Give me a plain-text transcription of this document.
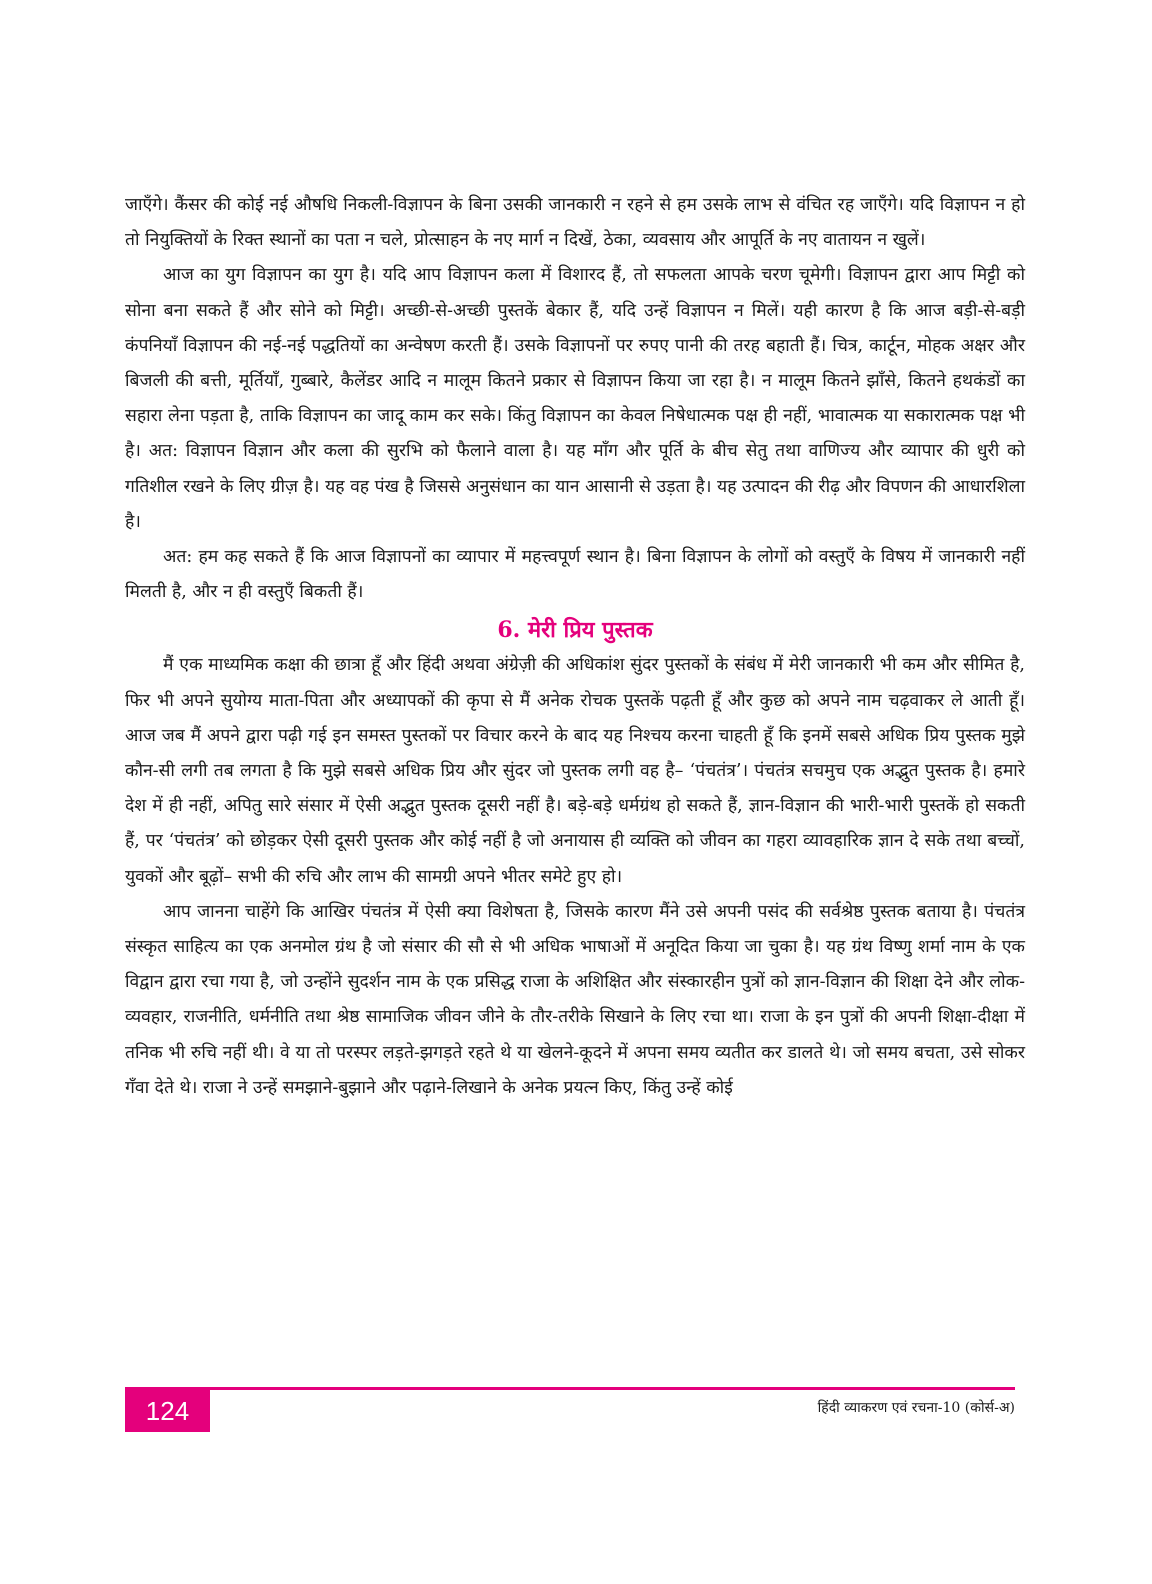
जाएँगे। कैंसर की कोई नई औषधि निकली-विज्ञापन के बिना उसकी जानकारी न रहने से हम उसके लाभ से वंचित रह जाएँगे। यदि विज्ञापन न हो तो नियुक्तियों के रिक्त स्थानों का पता न चले, प्रोत्साहन के नए मार्ग न दिखें, ठेका, व्यवसाय और आपूर्ति के नए वातायन न खुलें।

आज का युग विज्ञापन का युग है। यदि आप विज्ञापन कला में विशारद हैं, तो सफलता आपके चरण चूमेगी। विज्ञापन द्वारा आप मिट्टी को सोना बना सकते हैं और सोने को मिट्टी। अच्छी-से-अच्छी पुस्तकें बेकार हैं, यदि उन्हें विज्ञापन न मिलें। यही कारण है कि आज बड़ी-से-बड़ी कंपनियाँ विज्ञापन की नई-नई पद्धतियों का अन्वेषण करती हैं। उसके विज्ञापनों पर रुपए पानी की तरह बहाती हैं। चित्र, कार्टून, मोहक अक्षर और बिजली की बत्ती, मूर्तियाँ, गुब्बारे, कैलेंडर आदि न मालूम कितने प्रकार से विज्ञापन किया जा रहा है। न मालूम कितने झाँसे, कितने हथकंडों का सहारा लेना पड़ता है, ताकि विज्ञापन का जादू काम कर सके। किंतु विज्ञापन का केवल निषेधात्मक पक्ष ही नहीं, भावात्मक या सकारात्मक पक्ष भी है। अत: विज्ञापन विज्ञान और कला की सुरभि को फैलाने वाला है। यह माँग और पूर्ति के बीच सेतु तथा वाणिज्य और व्यापार की धुरी को गतिशील रखने के लिए ग्रीज़ है। यह वह पंख है जिससे अनुसंधान का यान आसानी से उड़ता है। यह उत्पादन की रीढ़ और विपणन की आधारशिला है।

अत: हम कह सकते हैं कि आज विज्ञापनों का व्यापार में महत्त्वपूर्ण स्थान है। बिना विज्ञापन के लोगों को वस्तुएँ के विषय में जानकारी नहीं मिलती है, और न ही वस्तुएँ बिकती हैं।

6. मेरी प्रिय पुस्तक

मैं एक माध्यमिक कक्षा की छात्रा हूँ और हिंदी अथवा अंग्रेज़ी की अधिकांश सुंदर पुस्तकों के संबंध में मेरी जानकारी भी कम और सीमित है, फिर भी अपने सुयोग्य माता-पिता और अध्यापकों की कृपा से मैं अनेक रोचक पुस्तकें पढ़ती हूँ और कुछ को अपने नाम चढ़वाकर ले आती हूँ। आज जब मैं अपने द्वारा पढ़ी गई इन समस्त पुस्तकों पर विचार करने के बाद यह निश्चय करना चाहती हूँ कि इनमें सबसे अधिक प्रिय पुस्तक मुझे कौन-सी लगी तब लगता है कि मुझे सबसे अधिक प्रिय और सुंदर जो पुस्तक लगी वह है– ‘पंचतंत्र’। पंचतंत्र सचमुच एक अद्भुत पुस्तक है। हमारे देश में ही नहीं, अपितु सारे संसार में ऐसी अद्भुत पुस्तक दूसरी नहीं है। बड़े-बड़े धर्मग्रंथ हो सकते हैं, ज्ञान-विज्ञान की भारी-भारी पुस्तकें हो सकती हैं, पर ‘पंचतंत्र’ को छोड़कर ऐसी दूसरी पुस्तक और कोई नहीं है जो अनायास ही व्यक्ति को जीवन का गहरा व्यावहारिक ज्ञान दे सके तथा बच्चों, युवकों और बूढ़ों– सभी की रुचि और लाभ की सामग्री अपने भीतर समेटे हुए हो।

आप जानना चाहेंगे कि आखिर पंचतंत्र में ऐसी क्या विशेषता है, जिसके कारण मैंने उसे अपनी पसंद की सर्वश्रेष्ठ पुस्तक बताया है। पंचतंत्र संस्कृत साहित्य का एक अनमोल ग्रंथ है जो संसार की सौ से भी अधिक भाषाओं में अनूदित किया जा चुका है। यह ग्रंथ विष्णु शर्मा नाम के एक विद्वान द्वारा रचा गया है, जो उन्होंने सुदर्शन नाम के एक प्रसिद्ध राजा के अशिक्षित और संस्कारहीन पुत्रों को ज्ञान-विज्ञान की शिक्षा देने और लोक-व्यवहार, राजनीति, धर्मनीति तथा श्रेष्ठ सामाजिक जीवन जीने के तौर-तरीके सिखाने के लिए रचा था। राजा के इन पुत्रों की अपनी शिक्षा-दीक्षा में तनिक भी रुचि नहीं थी। वे या तो परस्पर लड़ते-झगड़ते रहते थे या खेलने-कूदने में अपना समय व्यतीत कर डालते थे। जो समय बचता, उसे सोकर गँवा देते थे। राजा ने उन्हें समझाने-बुझाने और पढ़ाने-लिखाने के अनेक प्रयत्न किए, किंतु उन्हें कोई

124	हिंदी व्याकरण एवं रचना-10 (कोर्स-अ)
